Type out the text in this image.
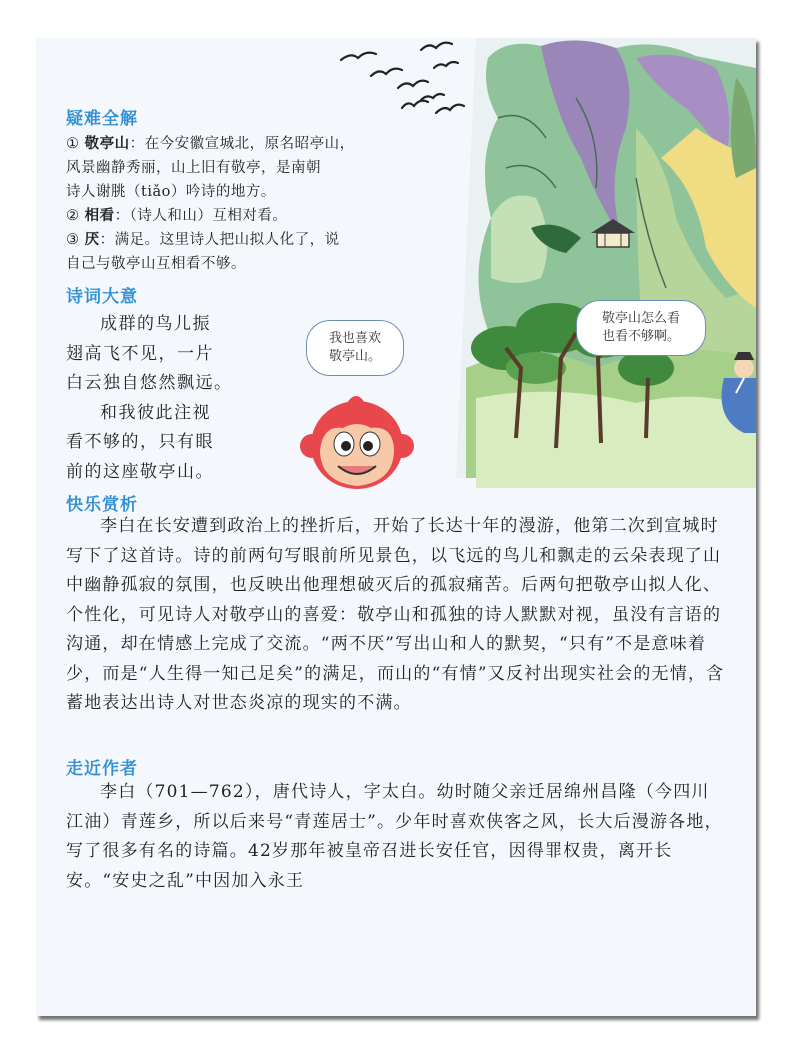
我也喜欢
敬亭山。
敬亭山怎么看
也看不够啊。
疑难全解
① 敬亭山：在今安徽宣城北，原名昭亭山，
风景幽静秀丽，山上旧有敬亭，是南朝
诗人谢朓（tiǎo）吟诗的地方。
② 相看：（诗人和山）互相对看。
③ 厌：满足。这里诗人把山拟人化了，说
自己与敬亭山互相看不够。
诗词大意
成群的鸟儿振
翅高飞不见，一片
白云独自悠然飘远。
和我彼此注视
看不够的，只有眼
前的这座敬亭山。
快乐赏析

李白在长安遭到政治上的挫折后，开始了长达十年的漫游，他第二次到宣城时写下了这首诗。诗的前两句写眼前所见景色，以飞远的鸟儿和飘走的云朵表现了山中幽静孤寂的氛围，也反映出他理想破灭后的孤寂痛苦。后两句把敬亭山拟人化、个性化，可见诗人对敬亭山的喜爱：敬亭山和孤独的诗人默默对视，虽没有言语的沟通，却在情感上完成了交流。“两不厌”写出山和人的默契，“只有”不是意味着少，而是“人生得一知己足矣”的满足，而山的“有情”又反衬出现实社会的无情，含蓄地表达出诗人对世态炎凉的现实的不满。

走近作者

李白（701—762），唐代诗人，字太白。幼时随父亲迁居绵州昌隆（今四川江油）青莲乡，所以后来号“青莲居士”。少年时喜欢侠客之风，长大后漫游各地，写了很多有名的诗篇。42岁那年被皇帝召进长安任官，因得罪权贵，离开长安。“安史之乱”中因加入永王
